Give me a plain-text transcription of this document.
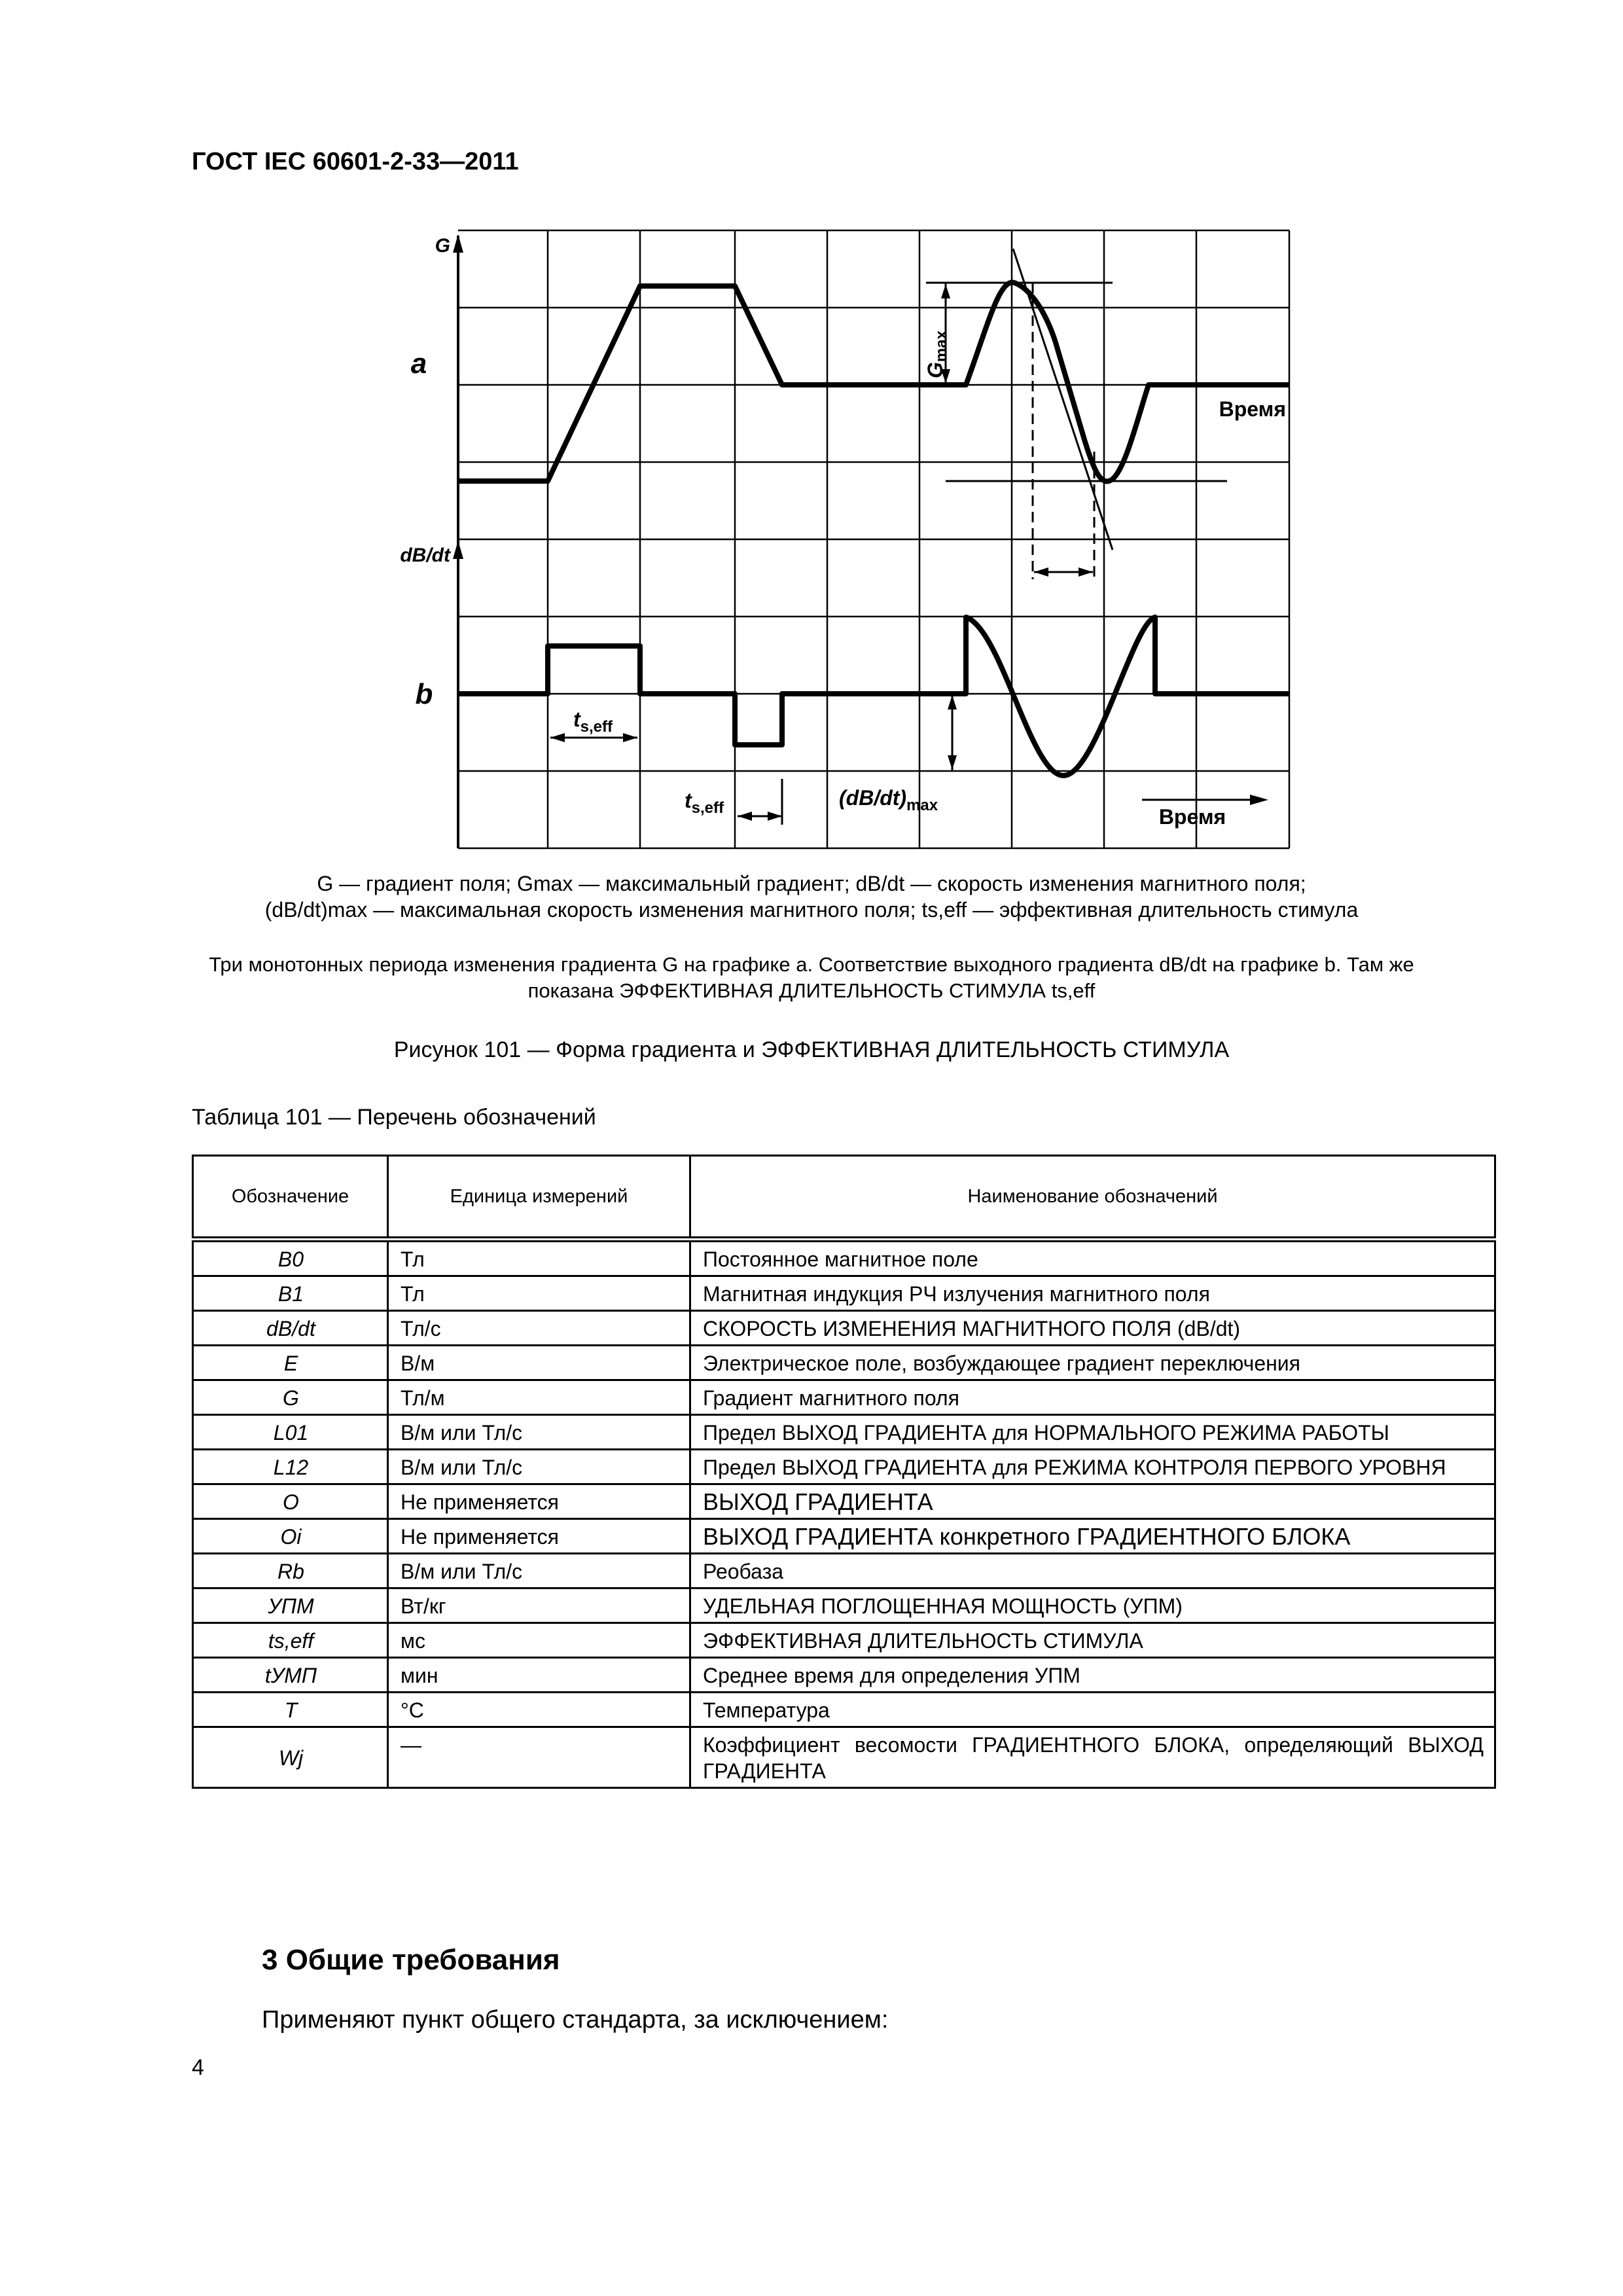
ГОСТ IEC 60601-2-33—2011
G
a
Время
Gmax
dB/dt
b
$t_{s,eff}$
$t_{s,eff}$	$(dB/dt)_{max}$	Время
G — градиент поля; Gmax — максимальный градиент; dB/dt — скорость изменения магнитного поля;
(dB/dt)max — максимальная скорость изменения магнитного поля; ts,eff — эффективная длительность стимула
Три монотонных периода изменения градиента G на графике a. Соответствие выходного градиента dB/dt на графике b. Там же
показана ЭФФЕКТИВНАЯ ДЛИТЕЛЬНОСТЬ СТИМУЛА ts,eff
Рисунок 101 — Форма градиента и ЭФФЕКТИВНАЯ ДЛИТЕЛЬНОСТЬ СТИМУЛА
Таблица 101 — Перечень обозначений
Обозначение	Единица измерений	Наименование обозначений
B0	Тл	Постоянное магнитное поле
B1	Тл	Магнитная индукция РЧ излучения магнитного поля
dB/dt	Тл/с	СКОРОСТЬ ИЗМЕНЕНИЯ МАГНИТНОГО ПОЛЯ (dB/dt)
E	В/м	Электрическое поле, возбуждающее градиент переключения
G	Тл/м	Градиент магнитного поля
L01	В/м или Тл/с	Предел ВЫХОД ГРАДИЕНТА для НОРМАЛЬНОГО РЕЖИМА РАБОТЫ
L12	В/м или Тл/с	Предел ВЫХОД ГРАДИЕНТА для РЕЖИМА КОНТРОЛЯ ПЕРВОГО УРОВНЯ
O	Не применяется	ВЫХОД ГРАДИЕНТА
Oi	Не применяется	ВЫХОД ГРАДИЕНТА конкретного ГРАДИЕНТНОГО БЛОКА
Rb	В/м или Тл/с	Реобаза
УПМ	Вт/кг	УДЕЛЬНАЯ ПОГЛОЩЕННАЯ МОЩНОСТЬ (УПМ)
ts,eff	мс	ЭФФЕКТИВНАЯ ДЛИТЕЛЬНОСТЬ СТИМУЛА
tУМП	мин	Среднее время для определения УПМ
T	°C	Температура
Wj	—	Коэффициент весомости ГРАДИЕНТНОГО БЛОКА, определяющий ВЫХОД ГРАДИЕНТА
3 Общие требования

Применяют пункт общего стандарта, за исключением:

4
